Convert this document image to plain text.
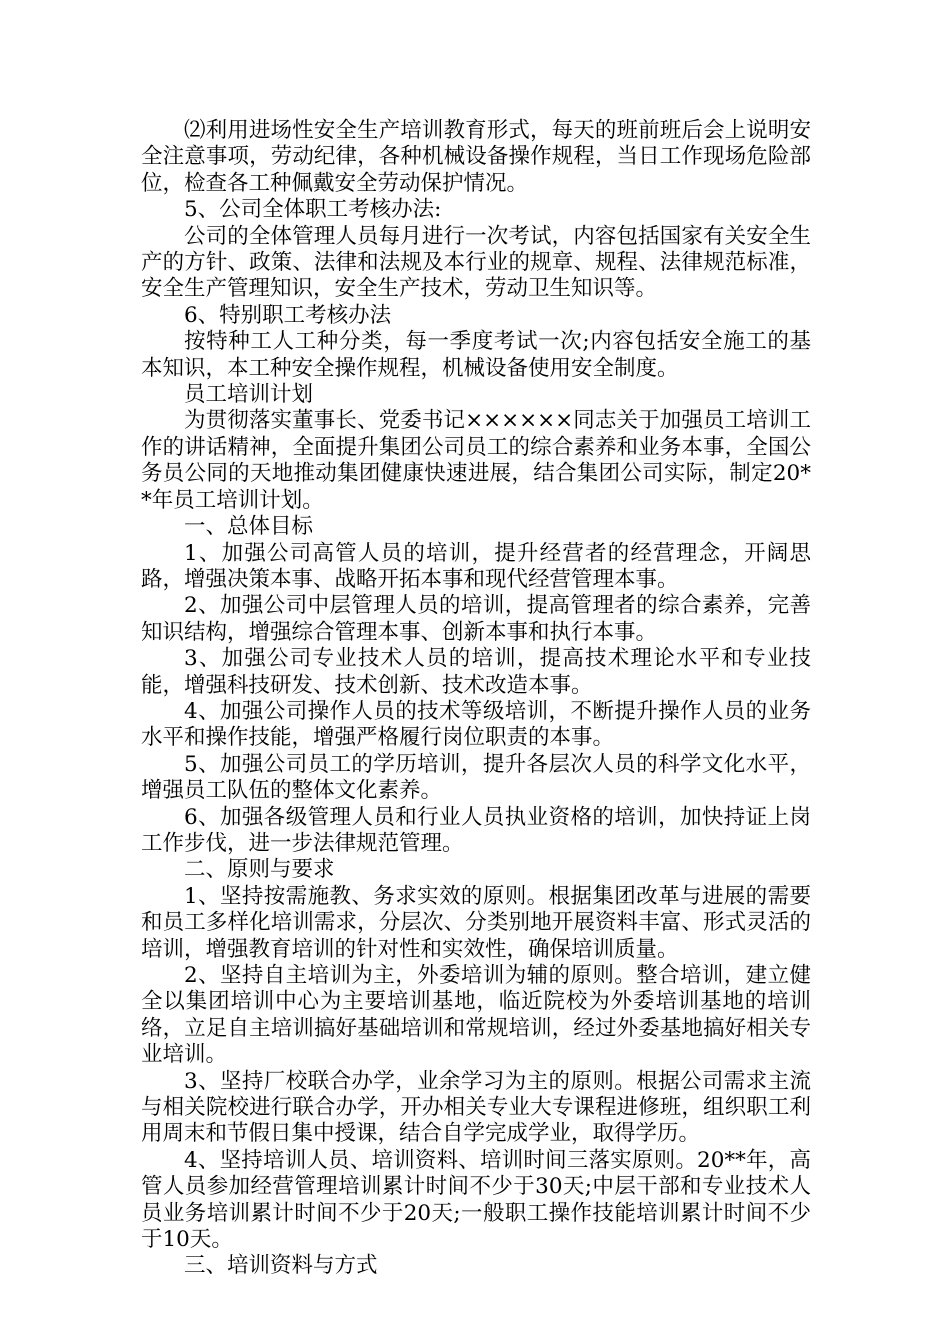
⑵利用进场性安全生产培训教育形式，每天的班前班后会上说明安全注意事项，劳动纪律，各种机械设备操作规程，当日工作现场危险部位，检查各工种佩戴安全劳动保护情况。

5、公司全体职工考核办法:

公司的全体管理人员每月进行一次考试，内容包括国家有关安全生产的方针、政策、法律和法规及本行业的规章、规程、法律规范标准，安全生产管理知识，安全生产技术，劳动卫生知识等。

6、特别职工考核办法

按特种工人工种分类，每一季度考试一次;内容包括安全施工的基本知识，本工种安全操作规程，机械设备使用安全制度。

员工培训计划

为贯彻落实董事长、党委书记××××××同志关于加强员工培训工作的讲话精神，全面提升集团公司员工的综合素养和业务本事，全国公务员公同的天地推动集团健康快速进展，结合集团公司实际，制定20**年员工培训计划。

一、总体目标

1、加强公司高管人员的培训，提升经营者的经营理念，开阔思路，增强决策本事、战略开拓本事和现代经营管理本事。

2、加强公司中层管理人员的培训，提高管理者的综合素养，完善知识结构，增强综合管理本事、创新本事和执行本事。

3、加强公司专业技术人员的培训，提高技术理论水平和专业技能，增强科技研发、技术创新、技术改造本事。

4、加强公司操作人员的技术等级培训，不断提升操作人员的业务水平和操作技能，增强严格履行岗位职责的本事。

5、加强公司员工的学历培训，提升各层次人员的科学文化水平，增强员工队伍的整体文化素养。

6、加强各级管理人员和行业人员执业资格的培训，加快持证上岗工作步伐，进一步法律规范管理。

二、原则与要求

1、坚持按需施教、务求实效的原则。根据集团改革与进展的需要和员工多样化培训需求，分层次、分类别地开展资料丰富、形式灵活的培训，增强教育培训的针对性和实效性，确保培训质量。

2、坚持自主培训为主，外委培训为辅的原则。整合培训，建立健全以集团培训中心为主要培训基地，临近院校为外委培训基地的培训络，立足自主培训搞好基础培训和常规培训，经过外委基地搞好相关专业培训。

3、坚持厂校联合办学，业余学习为主的原则。根据公司需求主流与相关院校进行联合办学，开办相关专业大专课程进修班，组织职工利用周末和节假日集中授课，结合自学完成学业，取得学历。

4、坚持培训人员、培训资料、培训时间三落实原则。20**年，高管人员参加经营管理培训累计时间不少于30天;中层干部和专业技术人员业务培训累计时间不少于20天;一般职工操作技能培训累计时间不少于10天。

三、培训资料与方式
